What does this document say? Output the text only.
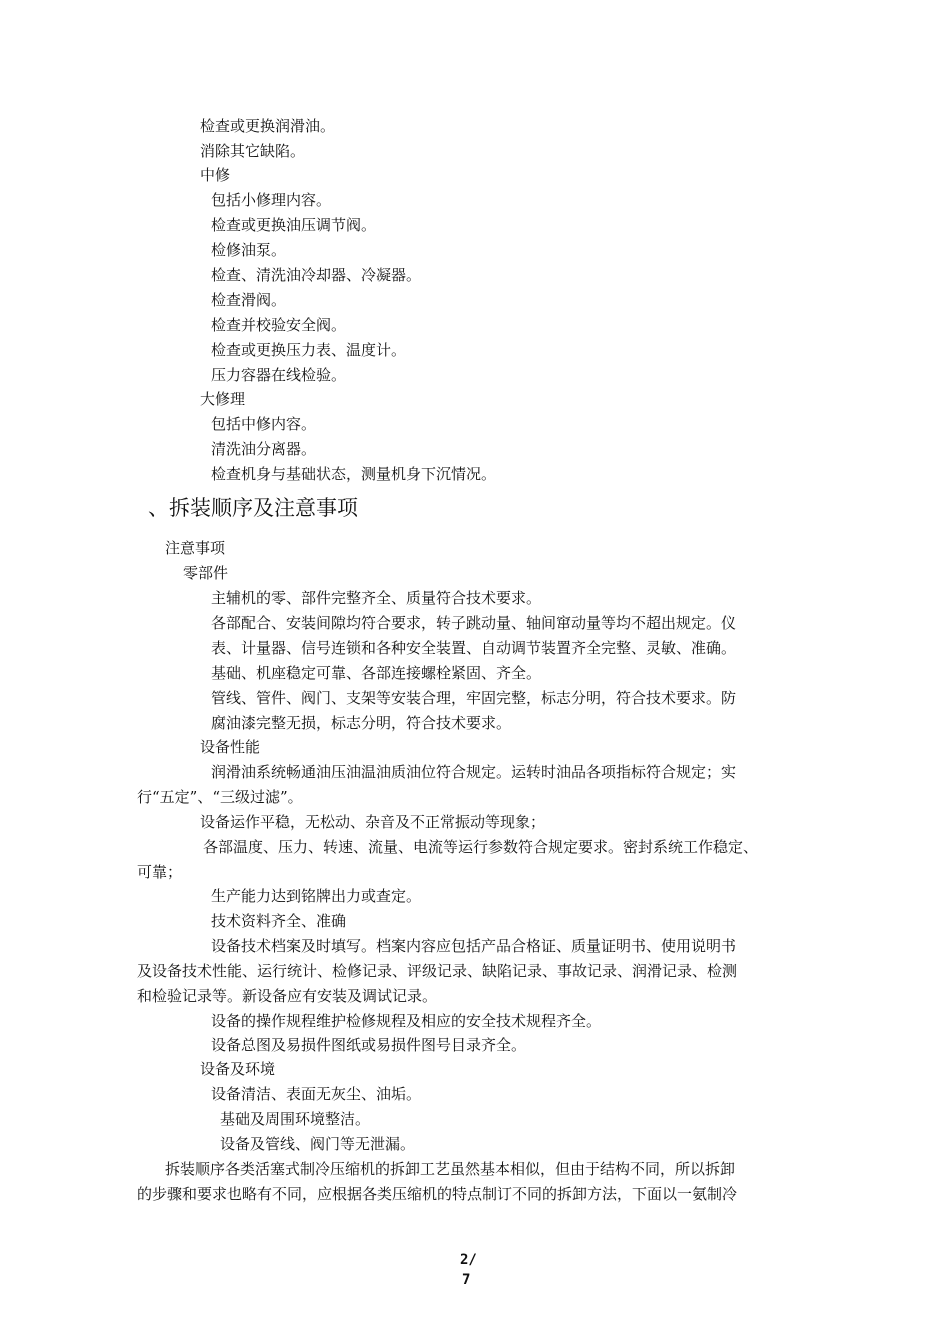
检查或更换润滑油。
消除其它缺陷。
中修
包括小修理内容。
检查或更换油压调节阀。
检修油泵。
检查、清洗油冷却器、冷凝器。
检查滑阀。
检查并校验安全阀。
检查或更换压力表、温度计。
压力容器在线检验。
大修理
包括中修内容。
清洗油分离器。
检查机身与基础状态，测量机身下沉情况。
、拆装顺序及注意事项
注意事项
零部件
主辅机的零、部件完整齐全、质量符合技术要求。
各部配合、安装间隙均符合要求，转子跳动量、轴间窜动量等均不超出规定。仪
表、计量器、信号连锁和各种安全装置、自动调节装置齐全完整、灵敏、准确。
基础、机座稳定可靠、各部连接螺栓紧固、齐全。
管线、管件、阀门、支架等安装合理，牢固完整，标志分明，符合技术要求。防
腐油漆完整无损，标志分明，符合技术要求。
设备性能
润滑油系统畅通油压油温油质油位符合规定。运转时油品各项指标符合规定；实
行“五定”、“三级过滤”。
设备运作平稳，无松动、杂音及不正常振动等现象；
各部温度、压力、转速、流量、电流等运行参数符合规定要求。密封系统工作稳定、
可靠；
生产能力达到铭牌出力或查定。
技术资料齐全、准确
设备技术档案及时填写。档案内容应包括产品合格证、质量证明书、使用说明书
及设备技术性能、运行统计、检修记录、评级记录、缺陷记录、事故记录、润滑记录、检测
和检验记录等。新设备应有安装及调试记录。
设备的操作规程维护检修规程及相应的安全技术规程齐全。
设备总图及易损件图纸或易损件图号目录齐全。
设备及环境
设备清洁、表面无灰尘、油垢。
基础及周围环境整洁。
设备及管线、阀门等无泄漏。
拆装顺序各类活塞式制冷压缩机的拆卸工艺虽然基本相似，但由于结构不同，所以拆卸
的步骤和要求也略有不同，应根据各类压缩机的特点制订不同的拆卸方法，下面以一氨制冷
2/
7
